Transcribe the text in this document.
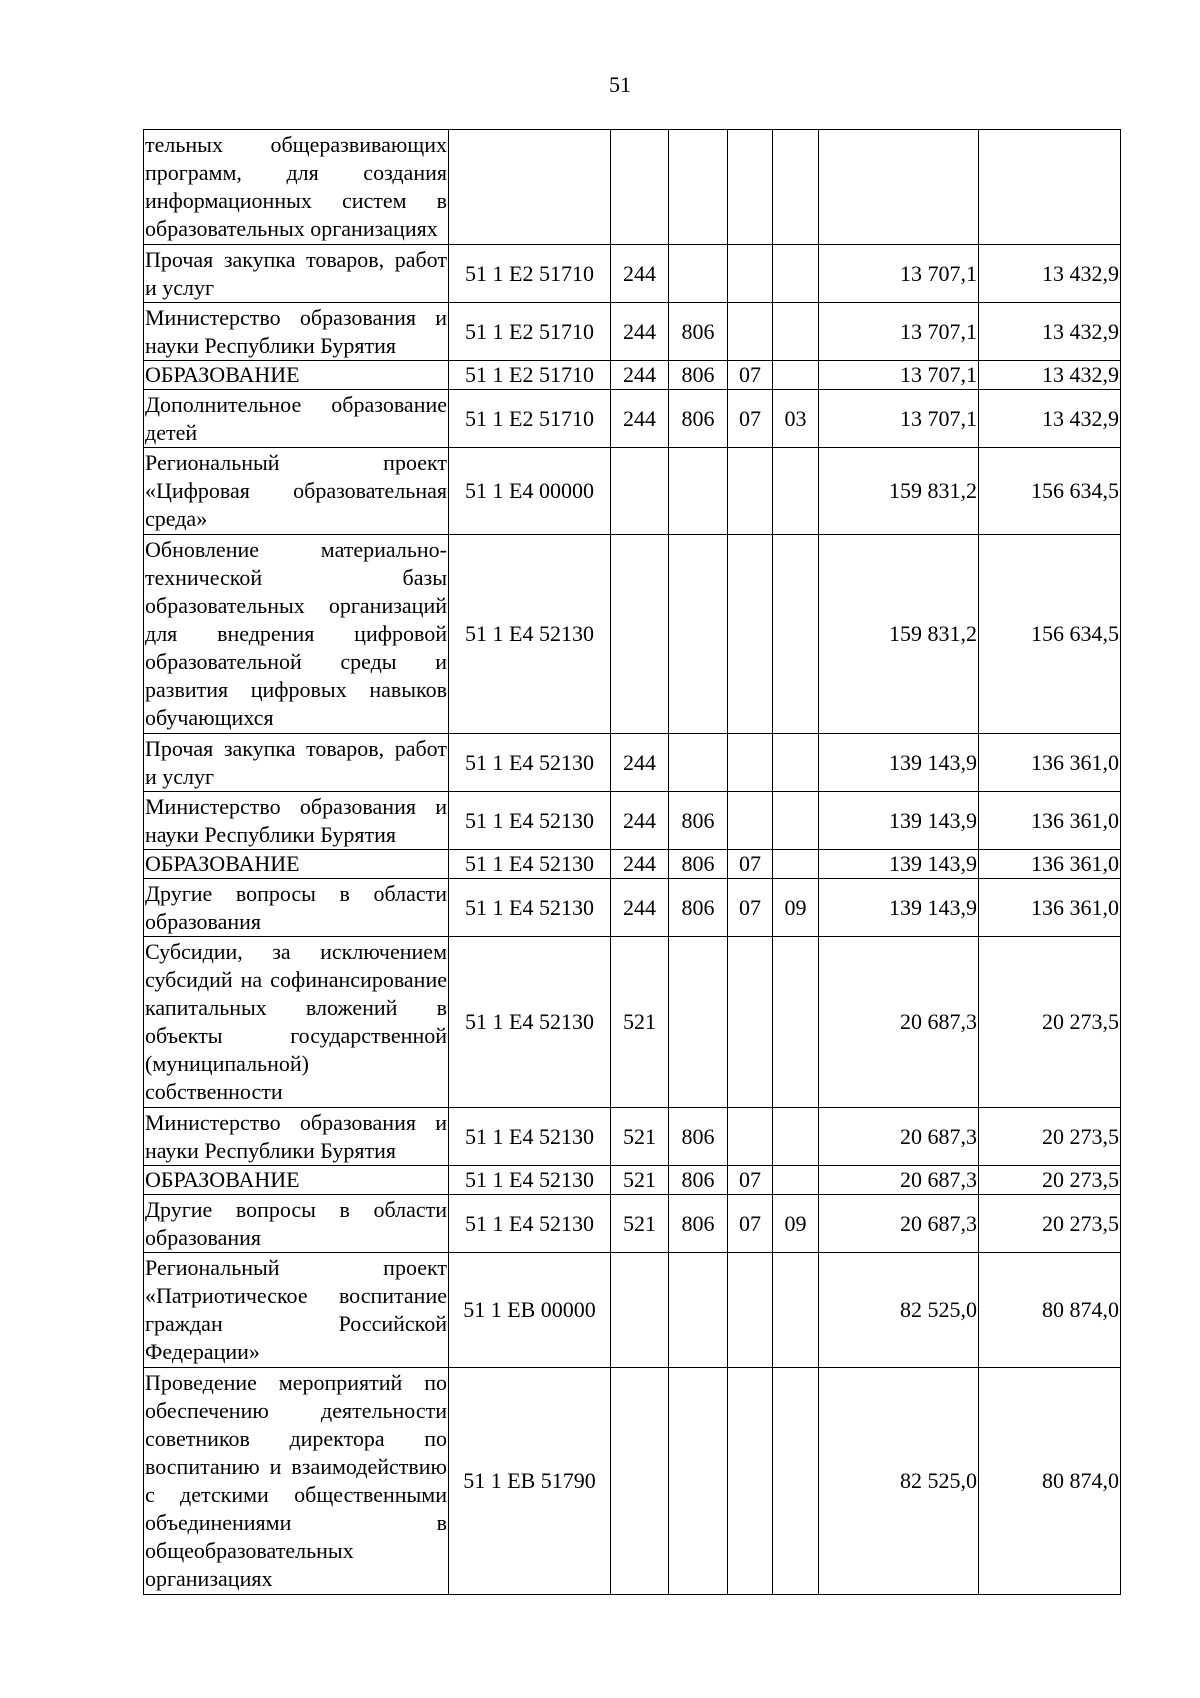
51
тельных общеразвивающих программ, для создания информационных систем в образовательных организациях							
Прочая закупка товаров, работ и услуг	51 1 E2 51710	244				13 707,1	13 432,9
Министерство образования и науки Республики Бурятия	51 1 E2 51710	244	806			13 707,1	13 432,9
ОБРАЗОВАНИЕ	51 1 E2 51710	244	806	07		13 707,1	13 432,9
Дополнительное образование детей	51 1 E2 51710	244	806	07	03	13 707,1	13 432,9
Региональный проект «Цифровая образовательная среда»	51 1 E4 00000					159 831,2	156 634,5
Обновление материально-технической базы образовательных организаций для внедрения цифровой образовательной среды и развития цифровых навыков обучающихся	51 1 E4 52130					159 831,2	156 634,5
Прочая закупка товаров, работ и услуг	51 1 E4 52130	244				139 143,9	136 361,0
Министерство образования и науки Республики Бурятия	51 1 E4 52130	244	806			139 143,9	136 361,0
ОБРАЗОВАНИЕ	51 1 E4 52130	244	806	07		139 143,9	136 361,0
Другие вопросы в области образования	51 1 E4 52130	244	806	07	09	139 143,9	136 361,0
Субсидии, за исключением субсидий на софинансирование капитальных вложений в объекты государственной (муниципальной) собственности	51 1 E4 52130	521				20 687,3	20 273,5
Министерство образования и науки Республики Бурятия	51 1 E4 52130	521	806			20 687,3	20 273,5
ОБРАЗОВАНИЕ	51 1 E4 52130	521	806	07		20 687,3	20 273,5
Другие вопросы в области образования	51 1 E4 52130	521	806	07	09	20 687,3	20 273,5
Региональный проект «Патриотическое воспитание граждан Российской Федерации»	51 1 EB 00000					82 525,0	80 874,0
Проведение мероприятий по обеспечению деятельности советников директора по воспитанию и взаимодействию с детскими общественными объединениями в общеобразовательных организациях	51 1 EB 51790					82 525,0	80 874,0
